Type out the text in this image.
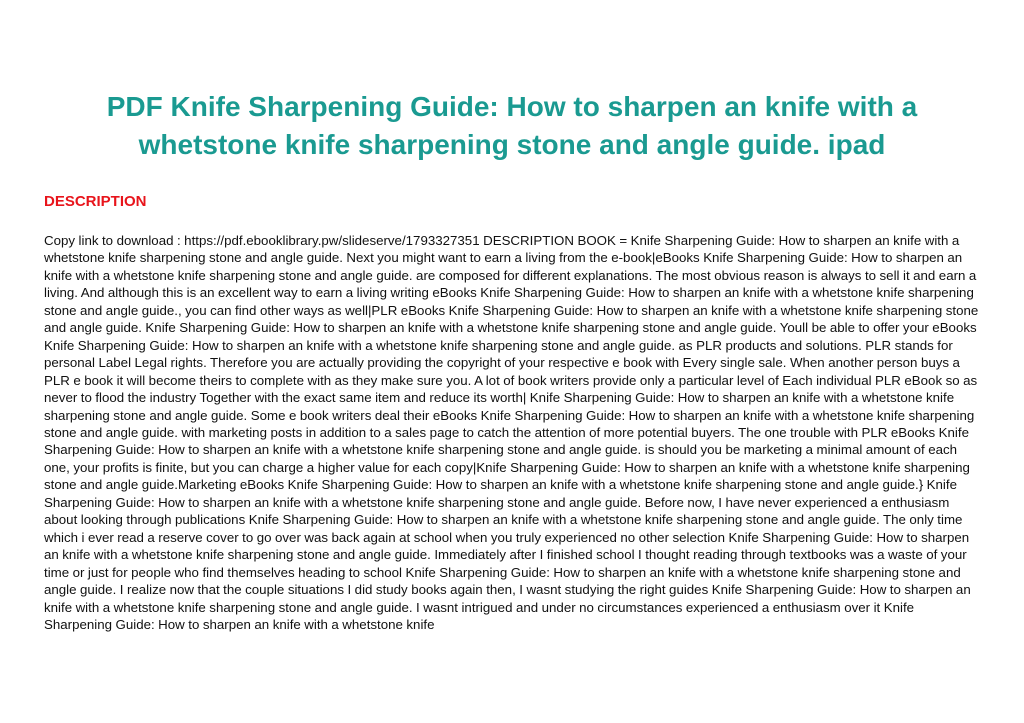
PDF Knife Sharpening Guide: How to sharpen an knife with a whetstone knife sharpening stone and angle guide. ipad
DESCRIPTION

Copy link to download : https://pdf.ebooklibrary.pw/slideserve/1793327351 DESCRIPTION BOOK = Knife Sharpening Guide: How to sharpen an knife with a whetstone knife sharpening stone and angle guide. Next you might want to earn a living from the e-book|eBooks Knife Sharpening Guide: How to sharpen an knife with a whetstone knife sharpening stone and angle guide. are composed for different explanations. The most obvious reason is always to sell it and earn a living. And although this is an excellent way to earn a living writing eBooks Knife Sharpening Guide: How to sharpen an knife with a whetstone knife sharpening stone and angle guide., you can find other ways as well|PLR eBooks Knife Sharpening Guide: How to sharpen an knife with a whetstone knife sharpening stone and angle guide. Knife Sharpening Guide: How to sharpen an knife with a whetstone knife sharpening stone and angle guide. Youll be able to offer your eBooks Knife Sharpening Guide: How to sharpen an knife with a whetstone knife sharpening stone and angle guide. as PLR products and solutions. PLR stands for personal Label Legal rights. Therefore you are actually providing the copyright of your respective e book with Every single sale. When another person buys a PLR e book it will become theirs to complete with as they make sure you. A lot of book writers provide only a particular level of Each individual PLR eBook so as never to flood the industry Together with the exact same item and reduce its worth| Knife Sharpening Guide: How to sharpen an knife with a whetstone knife sharpening stone and angle guide. Some e book writers deal their eBooks Knife Sharpening Guide: How to sharpen an knife with a whetstone knife sharpening stone and angle guide. with marketing posts in addition to a sales page to catch the attention of more potential buyers. The one trouble with PLR eBooks Knife Sharpening Guide: How to sharpen an knife with a whetstone knife sharpening stone and angle guide. is should you be marketing a minimal amount of each one, your profits is finite, but you can charge a higher value for each copy|Knife Sharpening Guide: How to sharpen an knife with a whetstone knife sharpening stone and angle guide.Marketing eBooks Knife Sharpening Guide: How to sharpen an knife with a whetstone knife sharpening stone and angle guide.} Knife Sharpening Guide: How to sharpen an knife with a whetstone knife sharpening stone and angle guide. Before now, I have never experienced a enthusiasm about looking through publications Knife Sharpening Guide: How to sharpen an knife with a whetstone knife sharpening stone and angle guide. The only time which i ever read a reserve cover to go over was back again at school when you truly experienced no other selection Knife Sharpening Guide: How to sharpen an knife with a whetstone knife sharpening stone and angle guide. Immediately after I finished school I thought reading through textbooks was a waste of your time or just for people who find themselves heading to school Knife Sharpening Guide: How to sharpen an knife with a whetstone knife sharpening stone and angle guide. I realize now that the couple situations I did study books again then, I wasnt studying the right guides Knife Sharpening Guide: How to sharpen an knife with a whetstone knife sharpening stone and angle guide. I wasnt intrigued and under no circumstances experienced a enthusiasm over it Knife Sharpening Guide: How to sharpen an knife with a whetstone knife
